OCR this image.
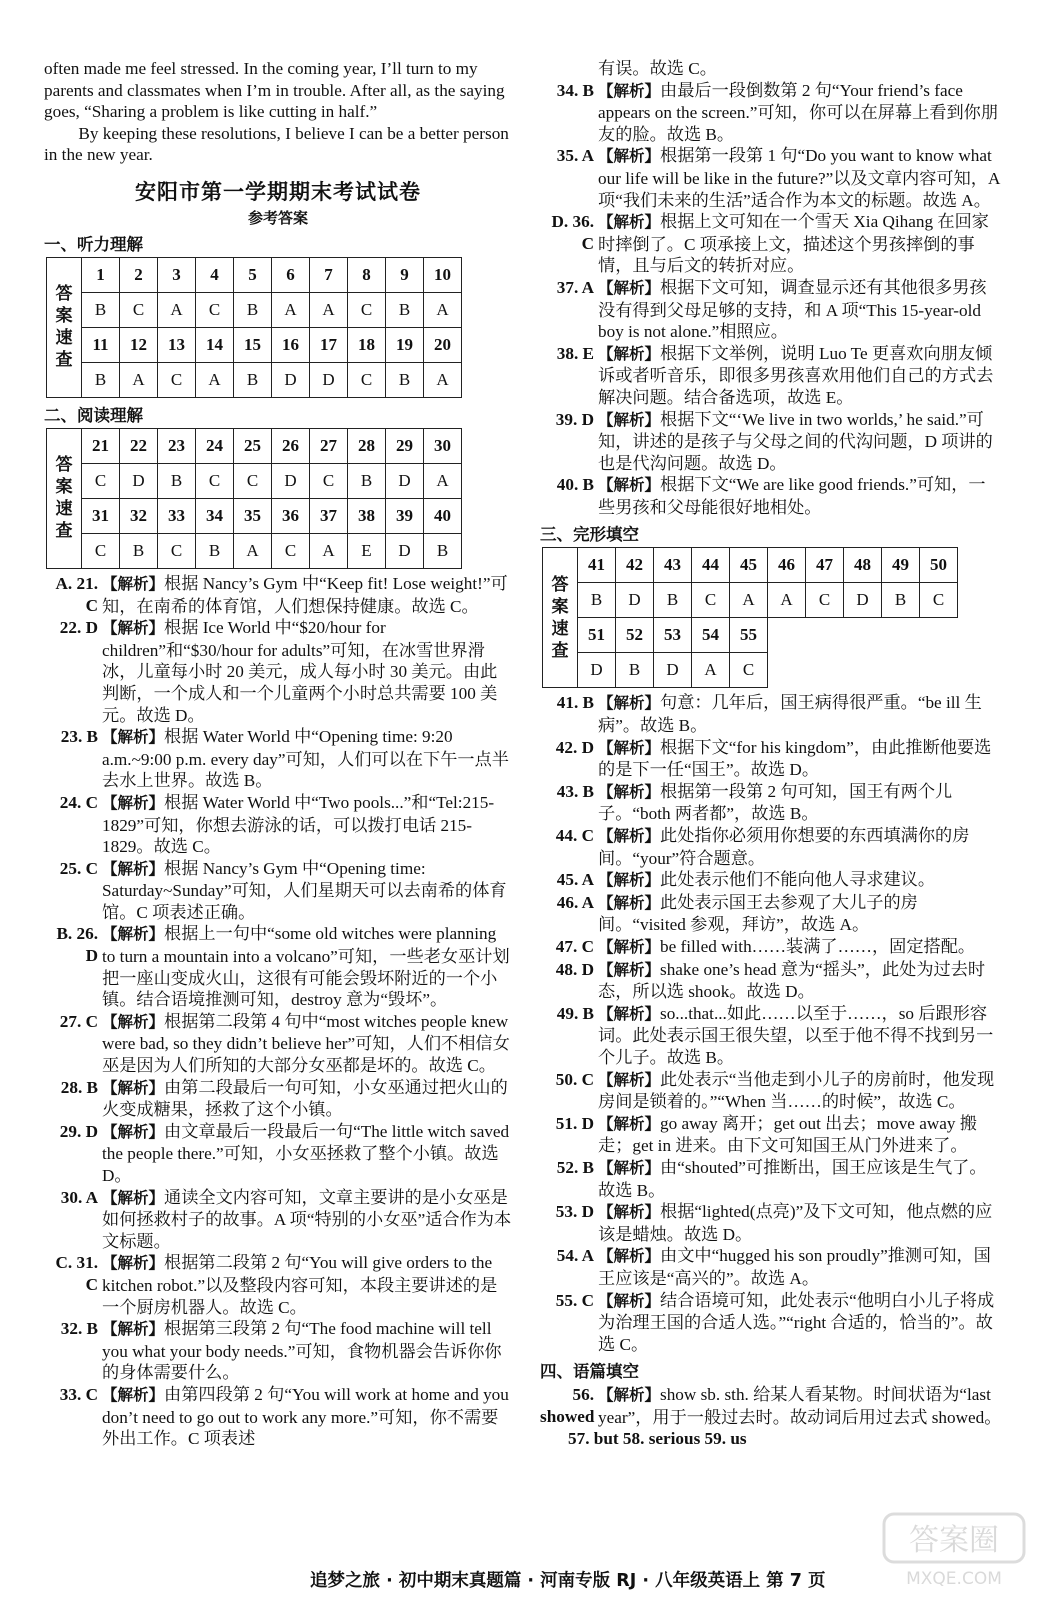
often made me feel stressed. In the coming year, I’ll turn to my parents and classmates when I’m in trouble. After all, as the saying goes, “Sharing a problem is like cutting in half.”

By keeping these resolutions, I believe I can be a better person in the new year.

安阳市第一学期期末考试试卷
参考答案
一、听力理解
答
案
速
查	1	2	3	4	5	6	7	8	9	10
	B	C	A	C	B	A	A	C	B	A
	11	12	13	14	15	16	17	18	19	20
	B	A	C	A	B	D	D	C	B	A
二、阅读理解
答
案
速
查	21	22	23	24	25	26	27	28	29	30
	C	D	B	C	C	D	C	B	D	A
	31	32	33	34	35	36	37	38	39	40
	C	B	C	B	A	C	A	E	D	B

A. 21. C
【解析】根据 Nancy’s Gym 中“Keep fit! Lose weight!”可知，在南希的体育馆，人们想保持健康。故选 C。

22. D 【解析】根据 Ice World 中“$20/hour for children”和“$30/hour for adults”可知，在冰雪世界滑冰，儿童每小时 20 美元，成人每小时 30 美元。由此判断，一个成人和一个儿童两个小时总共需要 100 美元。故选 D。

23. B 【解析】根据 Water World 中“Opening time: 9:20 a.m.~9:00 p.m. every day”可知，人们可以在下午一点半去水上世界。故选 B。

24. C 【解析】根据 Water World 中“Two pools...”和“Tel:215-1829”可知，你想去游泳的话，可以拨打电话 215-1829。故选 C。

25. C 【解析】根据 Nancy’s Gym 中“Opening time: Saturday~Sunday”可知，人们星期天可以去南希的体育馆。C 项表述正确。

B. 26. D
【解析】根据上一句中“some old witches were planning to turn a mountain into a volcano”可知，一些老女巫计划把一座山变成火山，这很有可能会毁坏附近的一个小镇。结合语境推测可知，destroy 意为“毁坏”。

27. C 【解析】根据第二段第 4 句中“most witches people knew were bad, so they didn’t believe her”可知，人们不相信女巫是因为人们所知的大部分女巫都是坏的。故选 C。

28. B 【解析】由第二段最后一句可知，小女巫通过把火山的火变成糖果，拯救了这个小镇。

29. D 【解析】由文章最后一段最后一句“The little witch saved the people there.”可知，小女巫拯救了整个小镇。故选 D。

30. A 【解析】通读全文内容可知，文章主要讲的是小女巫是如何拯救村子的故事。A 项“特别的小女巫”适合作为本文标题。

C. 31. C
【解析】根据第二段第 2 句“You will give orders to the kitchen robot.”以及整段内容可知，本段主要讲述的是一个厨房机器人。故选 C。

32. B 【解析】根据第三段第 2 句“The food machine will tell you what your body needs.”可知，食物机器会告诉你你的身体需要什么。

33. C 【解析】由第四段第 2 句“You will work at home and you don’t need to go out to work any more.”可知，你不需要外出工作。C 项表述

有误。故选 C。

34. B 【解析】由最后一段倒数第 2 句“Your friend’s face appears on the screen.”可知，你可以在屏幕上看到你朋友的脸。故选 B。

35. A 【解析】根据第一段第 1 句“Do you want to know what our life will be like in the future?”以及文章内容可知，A 项“我们未来的生活”适合作为本文的标题。故选 A。

D. 36. C
【解析】根据上文可知在一个雪天 Xia Qihang 在回家时摔倒了。C 项承接上文，描述这个男孩摔倒的事情，且与后文的转折对应。

37. A 【解析】根据下文可知，调查显示还有其他很多男孩没有得到父母足够的支持，和 A 项“This 15-year-old boy is not alone.”相照应。

38. E 【解析】根据下文举例，说明 Luo Te 更喜欢向朋友倾诉或者听音乐，即很多男孩喜欢用他们自己的方式去解决问题。结合备选项，故选 E。

39. D 【解析】根据下文“‘We live in two worlds,’ he said.”可知，讲述的是孩子与父母之间的代沟问题，D 项讲的也是代沟问题。故选 D。

40. B 【解析】根据下文“We are like good friends.”可知，一些男孩和父母能很好地相处。

三、完形填空
答
案
速
查	41	42	43	44	45	46	47	48	49	50
	B	D	B	C	A	A	C	D	B	C
	51	52	53	54	55					
	D	B	D	A	C					

41. B 【解析】句意：几年后，国王病得很严重。“be ill 生病”。故选 B。

42. D 【解析】根据下文“for his kingdom”，由此推断他要选的是下一任“国王”。故选 D。

43. B 【解析】根据第一段第 2 句可知，国王有两个儿子。“both 两者都”，故选 B。

44. C 【解析】此处指你必须用你想要的东西填满你的房间。“your”符合题意。

45. A 【解析】此处表示他们不能向他人寻求建议。

46. A 【解析】此处表示国王去参观了大儿子的房间。“visited 参观，拜访”，故选 A。

47. C 【解析】be filled with……装满了……，固定搭配。

48. D 【解析】shake one’s head 意为“摇头”，此处为过去时态，所以选 shook。故选 D。

49. B 【解析】so...that...如此……以至于……，so 后跟形容词。此处表示国王很失望，以至于他不得不找到另一个儿子。故选 B。

50. C 【解析】此处表示“当他走到小儿子的房前时，他发现房间是锁着的。”“When 当……的时候”，故选 C。

51. D 【解析】go away 离开；get out 出去；move away 搬走；get in 进来。由下文可知国王从门外进来了。

52. B 【解析】由“shouted”可推断出，国王应该是生气了。故选 B。

53. D 【解析】根据“lighted(点亮)”及下文可知，他点燃的应该是蜡烛。故选 D。

54. A 【解析】由文中“hugged his son proudly”推测可知，国王应该是“高兴的”。故选 A。

55. C 【解析】结合语境可知，此处表示“他明白小儿子将成为治理王国的合适人选。”“right 合适的，恰当的”。故选 C。

四、语篇填空

56. showed
【解析】show sb. sth. 给某人看某物。时间状语为“last year”，用于一般过去时。故动词后用过去式 showed。

57. but 58. serious 59. us

追梦之旅 · 初中期末真题篇 · 河南专版 RJ · 八年级英语上 第 7 页
答案圈
MXQE.COM
